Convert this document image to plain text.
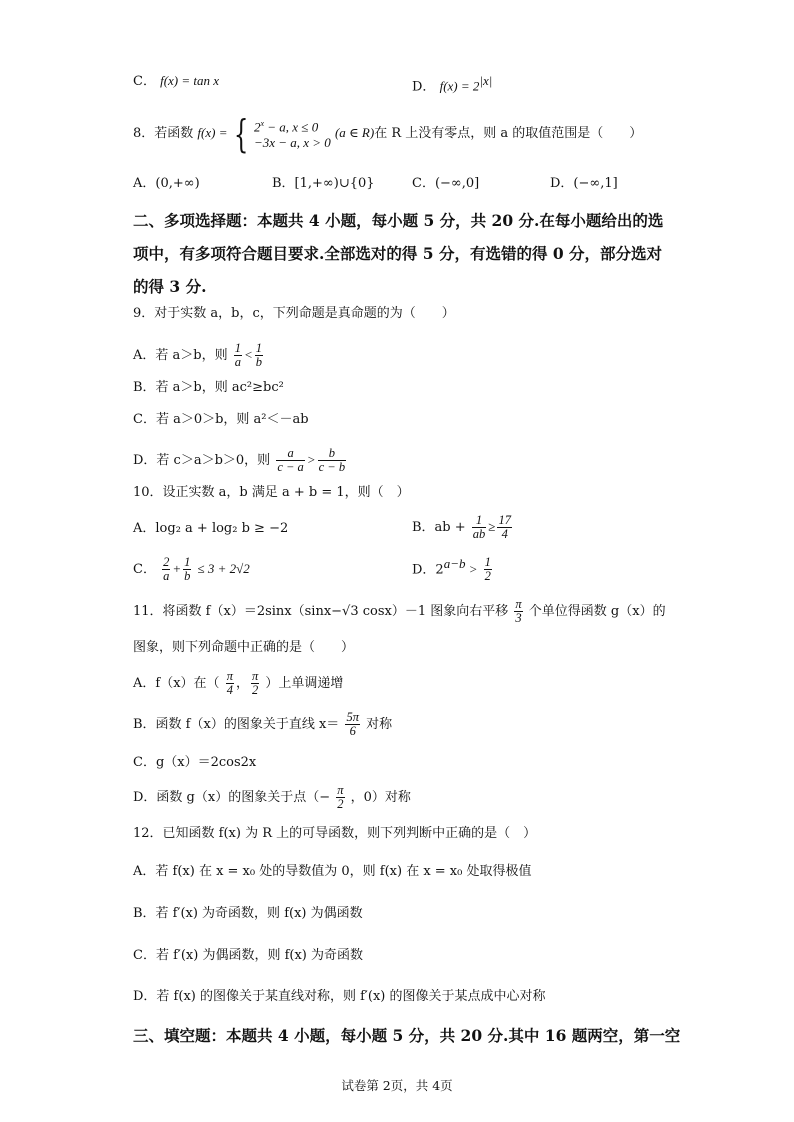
C． f(x) = tan x	D． $f(x) = 2^{|x|}$
8．若函数 f(x) = { $2^x - a$, x ≤ 0
−3x − a, x > 0
(a ∈ R)在 R 上没有零点，则 a 的取值范围是（　　）
A．(0,+∞)	B．[1,+∞)∪{0}	C．(−∞,0]	D．(−∞,1]
二、多项选择题：本题共 4 小题，每小题 5 分，共 20 分.在每小题给出的选
项中，有多项符合题目要求.全部选对的得 5 分，有选错的得 0 分，部分选对
的得 3 分.
9．对于实数 a，b，c，下列命题是真命题的为（　　）
A．若 a＞b，则 $\frac{1}{a} < \frac{1}{b}$
B．若 a＞b，则 ac²≥bc²
C．若 a＞0＞b，则 a²＜－ab
D．若 c＞a＞b＞0，则 $\frac{a}{c - a} > \frac{b}{c - b}$
10．设正实数 a，b 满足 a + b = 1，则（　）
A．log₂ a + log₂ b ≥ −2	B．ab + $\frac{1}{ab} \ge \frac{17}{4}$
C． $\frac{2}{a} + \frac{1}{b} \le 3 + 2√2$	D．$2^{a-b} > \frac{1}{2}$
11．将函数 f（x）＝2sinx（sinx−√3 cosx）－1 图象向右平移 $\frac{\pi}{3}$ 个单位得函数 g（x）的
图象，则下列命题中正确的是（　　）
A．f（x）在（ $\frac{\pi}{4}$ ， $\frac{\pi}{2}$ ）上单调递增
B．函数 f（x）的图象关于直线 $x= \frac{5\pi}{6}$ 对称
C．g（x）＝2cos2x
D．函数 g（x）的图象关于点（− $\frac{\pi}{2}$ ，0）对称
12．已知函数 f(x) 为 R 上的可导函数，则下列判断中正确的是（　）
A．若 f(x) 在 x = x₀ 处的导数值为 0，则 f(x) 在 x = x₀ 处取得极值
B．若 f′(x) 为奇函数，则 f(x) 为偶函数
C．若 f′(x) 为偶函数，则 f(x) 为奇函数
D．若 f(x) 的图像关于某直线对称，则 f′(x) 的图像关于某点成中心对称
三、填空题：本题共 4 小题，每小题 5 分，共 20 分.其中 16 题两空，第一空
试卷第 2页，共 4页
